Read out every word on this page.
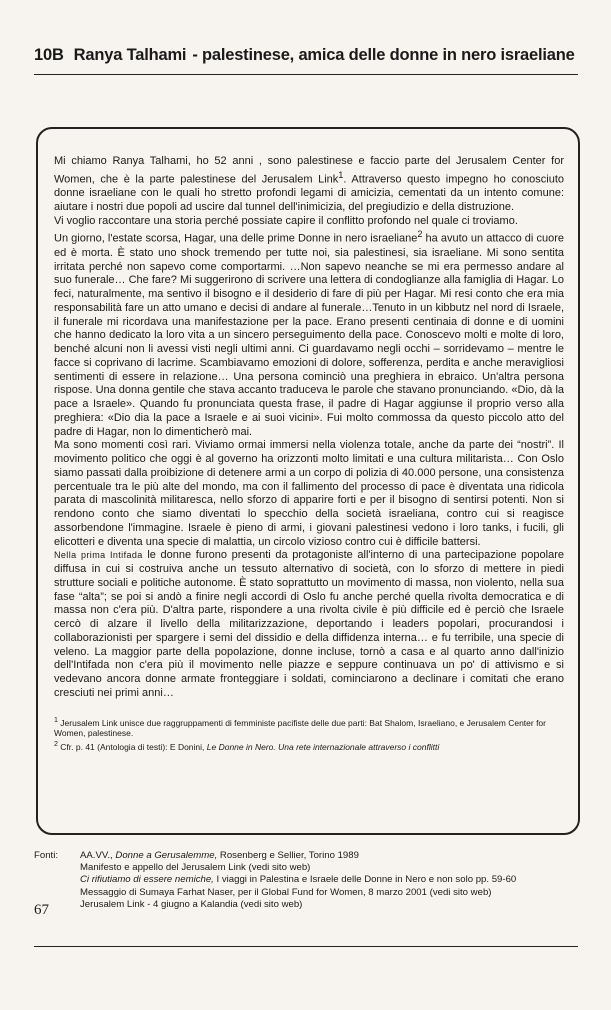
10B Ranya Talhami - palestinese, amica delle donne in nero israeliane

Mi chiamo Ranya Talhami, ho 52 anni , sono palestinese e faccio parte del Jerusalem Center for Women, che è la parte palestinese del Jerusalem Link$^1$. Attraverso questo impegno ho conosciuto donne israeliane con le quali ho stretto profondi legami di amicizia, cementati da un intento comune: aiutare i nostri due popoli ad uscire dal tunnel dell'inimicizia, del pregiudizio e della distruzione.

Vi voglio raccontare una storia perché possiate capire il conflitto profondo nel quale ci troviamo.

Un giorno, l'estate scorsa, Hagar, una delle prime Donne in nero israeliane$^2$ ha avuto un attacco di cuore ed è morta. È stato uno shock tremendo per tutte noi, sia palestinesi, sia israeliane. Mi sono sentita irritata perché non sapevo come comportarmi. …Non sapevo neanche se mi era permesso andare al suo funerale… Che fare? Mi suggerirono di scrivere una lettera di condoglianze alla famiglia di Hagar. Lo feci, naturalmente, ma sentivo il bisogno e il desiderio di fare di più per Hagar. Mi resi conto che era mia responsabilità fare un atto umano e decisi di andare al funerale…Tenuto in un kibbutz nel nord di Israele, il funerale mi ricordava una manifestazione per la pace. Erano presenti centinaia di donne e di uomini che hanno dedicato la loro vita a un sincero perseguimento della pace. Conoscevo molti e molte di loro, benché alcuni non li avessi visti negli ultimi anni. Ci guardavamo negli occhi – sorridevamo – mentre le facce si coprivano di lacrime. Scambiavamo emozioni di dolore, sofferenza, perdita e anche meravigliosi sentimenti di essere in relazione… Una persona cominciò una preghiera in ebraico. Un'altra persona rispose. Una donna gentile che stava accanto traduceva le parole che stavano pronunciando. «Dio, dà la pace a Israele». Quando fu pronunciata questa frase, il padre di Hagar aggiunse il proprio verso alla preghiera: «Dio dia la pace a Israele e ai suoi vicini». Fui molto commossa da questo piccolo atto del padre di Hagar, non lo dimenticherò mai.

Ma sono momenti così rari. Viviamo ormai immersi nella violenza totale, anche da parte dei “nostri”. Il movimento politico che oggi è al governo ha orizzonti molto limitati e una cultura militarista… Con Oslo siamo passati dalla proibizione di detenere armi a un corpo di polizia di 40.000 persone, una consistenza percentuale tra le più alte del mondo, ma con il fallimento del processo di pace è diventata una ridicola parata di mascolinità militaresca, nello sforzo di apparire forti e per il bisogno di sentirsi potenti. Non si rendono conto che siamo diventati lo specchio della società israeliana, contro cui si reagisce assorbendone l'immagine. Israele è pieno di armi, i giovani palestinesi vedono i loro tanks, i fucili, gli elicotteri e diventa una specie di malattia, un circolo vizioso contro cui è difficile battersi.

Nella prima Intifada le donne furono presenti da protagoniste all'interno di una partecipazione popolare diffusa in cui si costruiva anche un tessuto alternativo di società, con lo sforzo di mettere in piedi strutture sociali e politiche autonome. È stato soprattutto un movimento di massa, non violento, nella sua fase “alta”; se poi si andò a finire negli accordi di Oslo fu anche perché quella rivolta democratica e di massa non c'era più. D'altra parte, rispondere a una rivolta civile è più difficile ed è perciò che Israele cercò di alzare il livello della militarizzazione, deportando i leaders popolari, procurandosi i collaborazionisti per spargere i semi del dissidio e della diffidenza interna… e fu terribile, una specie di veleno. La maggior parte della popolazione, donne incluse, tornò a casa e al quarto anno dall'inizio dell'Intifada non c'era più il movimento nelle piazze e seppure continuava un po' di attivismo e si vedevano ancora donne armate fronteggiare i soldati, cominciarono a declinare i comitati che erano cresciuti nei primi anni…

$^1$ Jerusalem Link unisce due raggruppamenti di femministe pacifiste delle due parti: Bat Shalom, Israeliano, e Jerusalem Center for Women, palestinese.

$^2$ Cfr. p. 41 (Antologia di testi): E Donini, Le Donne in Nero. Una rete internazionale attraverso i conflitti

Fonti: AA.VV., Donne a Gerusalemme, Rosenberg e Sellier, Torino 1989
Manifesto e appello del Jerusalem Link (vedi sito web)
Ci rifiutiamo di essere nemiche, I viaggi in Palestina e Israele delle Donne in Nero e non solo pp. 59-60
Messaggio di Sumaya Farhat Naser, per il Global Fund for Women, 8 marzo 2001 (vedi sito web)
Jerusalem Link - 4 giugno a Kalandia (vedi sito web)
67
